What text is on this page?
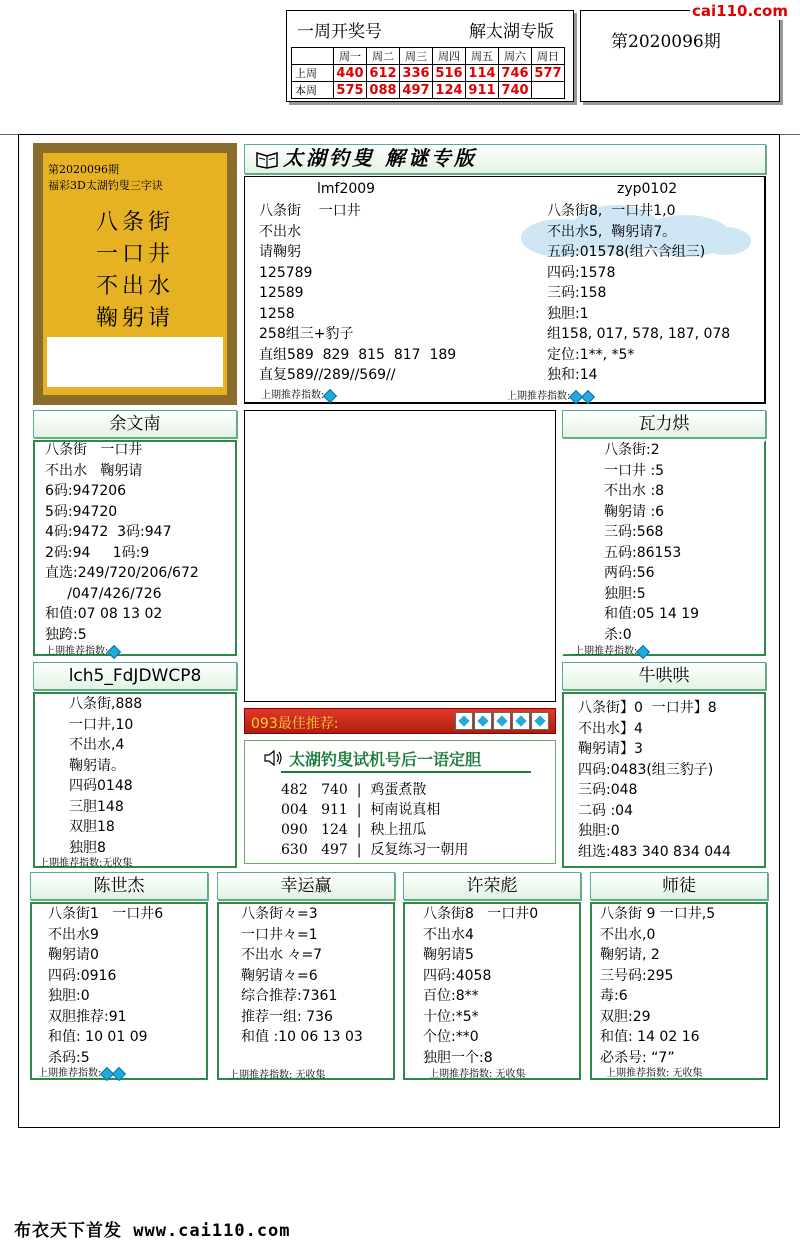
一周开奖号	解太湖专版
	周一	周二	周三	周四	周五	周六	周日
上周	440	612	336	516	114	746	577
本周	575	088	497	124	911	740	
第2020096期
cai110.com
第2020096期
福彩3D太湖钓叟三字诀
八条街
一口井
不出水
鞠躬请
太湖钓叟 解谜专版
lmf2009
八条街    一口井
不出水
请鞠躬
125789
12589
1258
258组三+豹子
直组589  829  815  817  189
直复589//289//569//
上期推荐指数:
zyp0102
八条街8,  一口井1,0
不出水5,  鞠躬请7。
五码:01578(组六含组三)
四码:1578
三码:158
独胆:1
组158, 017, 578, 187, 078
定位:1**, *5*
独和:14
上期推荐指数:
余文南
八条街   一口井
不出水   鞠躬请
6码:947206
5码:94720
4码:9472  3码:947
2码:94     1码:9
直选:249/720/206/672
/047/426/726
和值:07 08 13 02
独跨:5
上期推荐指数:
瓦力烘
八条街:2
一口井 :5
不出水 :8
鞠躬请 :6
三码:568
五码:86153
两码:56
独胆:5
和值:05 14 19
杀:0
上期推荐指数:
lch5_FdJDWCP8
八条街,888
一口井,10
不出水,4
鞠躬请。
四码0148
三胆148
双胆18
独胆8
上期推荐指数:无收集
093最佳推荐:
太湖钓叟试机号后一语定胆
482 740  |  鸡蛋煮散
004 911  |  柯南说真相
090 124  |  秧上扭瓜
630 497  |  反复练习一朝用
牛哄哄
八条街】0  一口井】8
不出水】4
鞠躬请】3
四码:0483(组三豹子)
三码:048
二码 :04
独胆:0
组选:483 340 834 044
陈世杰
八条街1   一口井6
不出水9
鞠躬请0
四码:0916
独胆:0
双胆推荐:91
和值: 10 01 09
杀码:5
上期推荐指数:
幸运赢
八条街々=3
一口井々=1
不出水 々=7
鞠躬请々=6
综合推荐:7361
推荐一组: 736
和值 :10 06 13 03
上期推荐指数: 无收集
许荣彪
八条街8   一口井0
不出水4
鞠躬请5
四码:4058
百位:8**
十位:*5*
个位:**0
独胆一个:8
上期推荐指数: 无收集
师徒
八条街 9 一口井,5
不出水,0
鞠躬请, 2
三号码:295
毒:6
双胆:29
和值: 14 02 16
必杀号: “7”
上期推荐指数: 无收集
布衣天下首发 www.cai110.com
